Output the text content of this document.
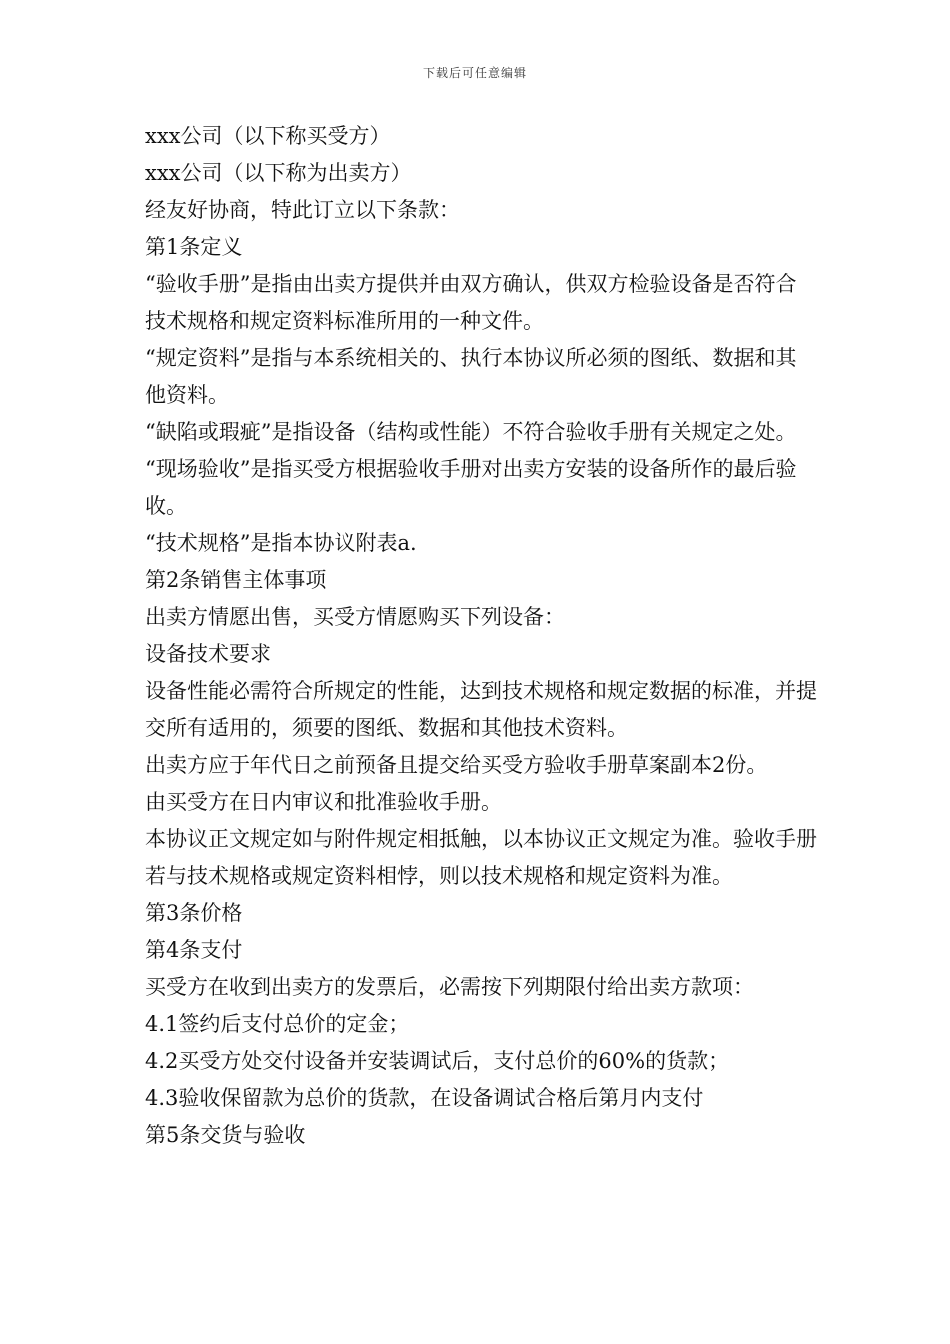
下载后可任意编辑

xxx公司（以下称买受方）

xxx公司（以下称为出卖方）

经友好协商，特此订立以下条款：

第1条定义

“验收手册”是指由出卖方提供并由双方确认，供双方检验设备是否符合技术规格和规定资料标准所用的一种文件。

“规定资料”是指与本系统相关的、执行本协议所必须的图纸、数据和其他资料。

“缺陷或瑕疵”是指设备（结构或性能）不符合验收手册有关规定之处。

“现场验收”是指买受方根据验收手册对出卖方安装的设备所作的最后验收。

“技术规格”是指本协议附表a.

第2条销售主体事项

出卖方情愿出售，买受方情愿购买下列设备：

设备技术要求

设备性能必需符合所规定的性能，达到技术规格和规定数据的标准，并提交所有适用的，须要的图纸、数据和其他技术资料。

出卖方应于年代日之前预备且提交给买受方验收手册草案副本2份。

由买受方在日内审议和批准验收手册。

本协议正文规定如与附件规定相抵触，以本协议正文规定为准。验收手册若与技术规格或规定资料相悖，则以技术规格和规定资料为准。

第3条价格

第4条支付

买受方在收到出卖方的发票后，必需按下列期限付给出卖方款项：

4.1签约后支付总价的定金；

4.2买受方处交付设备并安装调试后，支付总价的60%的货款；

4.3验收保留款为总价的货款，在设备调试合格后第月内支付

第5条交货与验收
